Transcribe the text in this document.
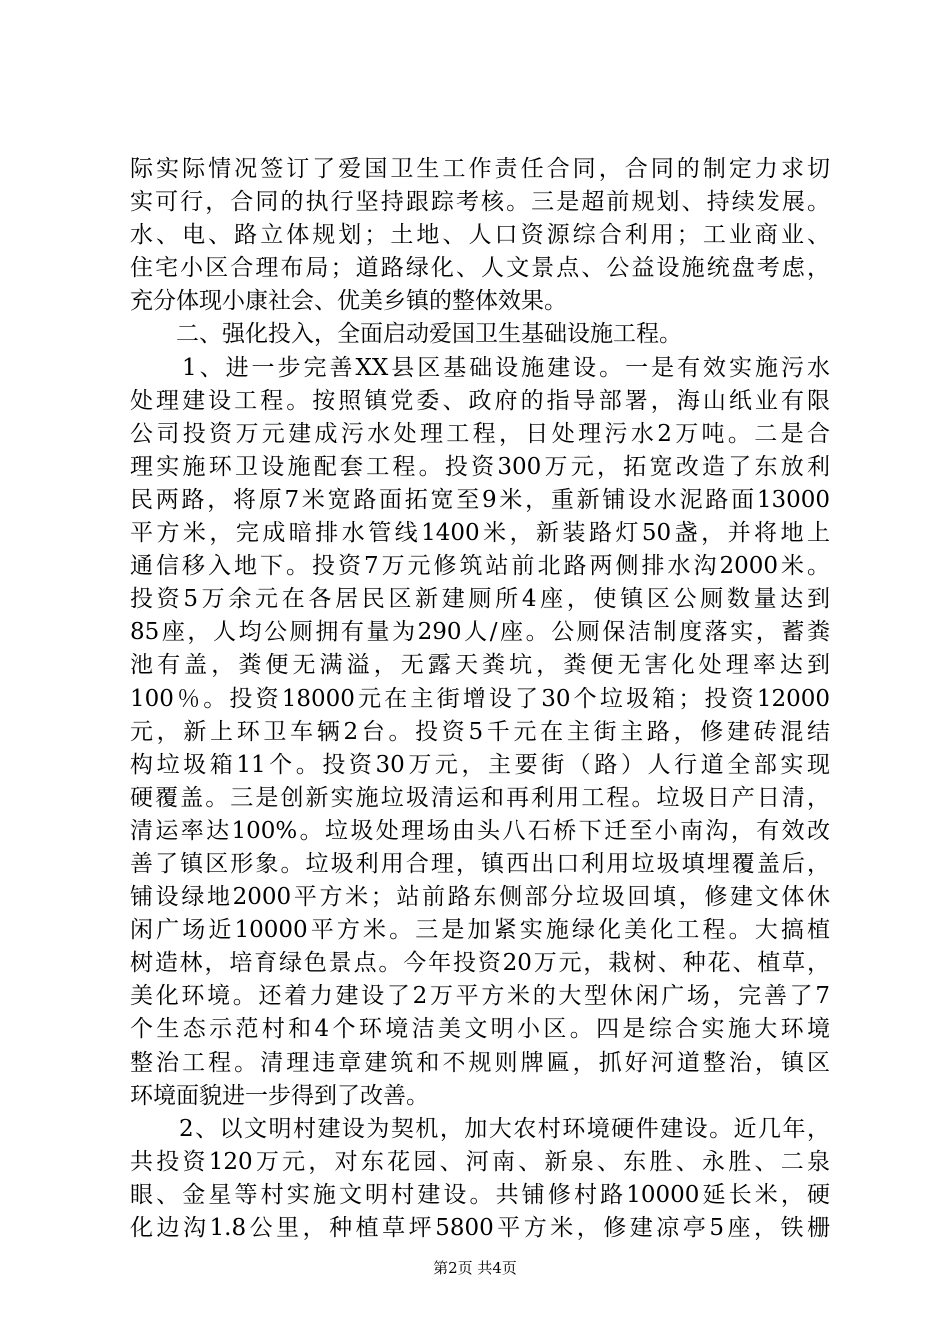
际实际情况签订了爱国卫生工作责任合同，合同的制定力求切
实可行，合同的执行坚持跟踪考核。三是超前规划、持续发展。
水、电、路立体规划；土地、人口资源综合利用；工业商业、
住宅小区合理布局；道路绿化、人文景点、公益设施统盘考虑，
充分体现小康社会、优美乡镇的整体效果。
　　二、强化投入，全面启动爱国卫生基础设施工程。
　　1、进一步完善XX县区基础设施建设。一是有效实施污水
处理建设工程。按照镇党委、政府的指导部署，海山纸业有限
公司投资万元建成污水处理工程，日处理污水2万吨。二是合
理实施环卫设施配套工程。投资300万元，拓宽改造了东放利
民两路，将原7米宽路面拓宽至9米，重新铺设水泥路面13000
平方米，完成暗排水管线1400米，新装路灯50盏，并将地上
通信移入地下。投资7万元修筑站前北路两侧排水沟2000米。
投资5万余元在各居民区新建厕所4座，使镇区公厕数量达到
85座，人均公厕拥有量为290人/座。公厕保洁制度落实，蓄粪
池有盖，粪便无满溢，无露天粪坑，粪便无害化处理率达到
100％。投资18000元在主街增设了30个垃圾箱；投资12000
元，新上环卫车辆2台。投资5千元在主街主路，修建砖混结
构垃圾箱11个。投资30万元，主要街（路）人行道全部实现
硬覆盖。三是创新实施垃圾清运和再利用工程。垃圾日产日清，
清运率达100%。垃圾处理场由头八石桥下迁至小南沟，有效改
善了镇区形象。垃圾利用合理，镇西出口利用垃圾填埋覆盖后，
铺设绿地2000平方米；站前路东侧部分垃圾回填，修建文体休
闲广场近10000平方米。三是加紧实施绿化美化工程。大搞植
树造林，培育绿色景点。今年投资20万元，栽树、种花、植草，
美化环境。还着力建设了2万平方米的大型休闲广场，完善了7
个生态示范村和4个环境洁美文明小区。四是综合实施大环境
整治工程。清理违章建筑和不规则牌匾，抓好河道整治，镇区
环境面貌进一步得到了改善。
　　2、以文明村建设为契机，加大农村环境硬件建设。近几年，
共投资120万元，对东花园、河南、新泉、东胜、永胜、二泉
眼、金星等村实施文明村建设。共铺修村路10000延长米，硬
化边沟1.8公里，种植草坪5800平方米，修建凉亭5座，铁栅
第2页 共4页
